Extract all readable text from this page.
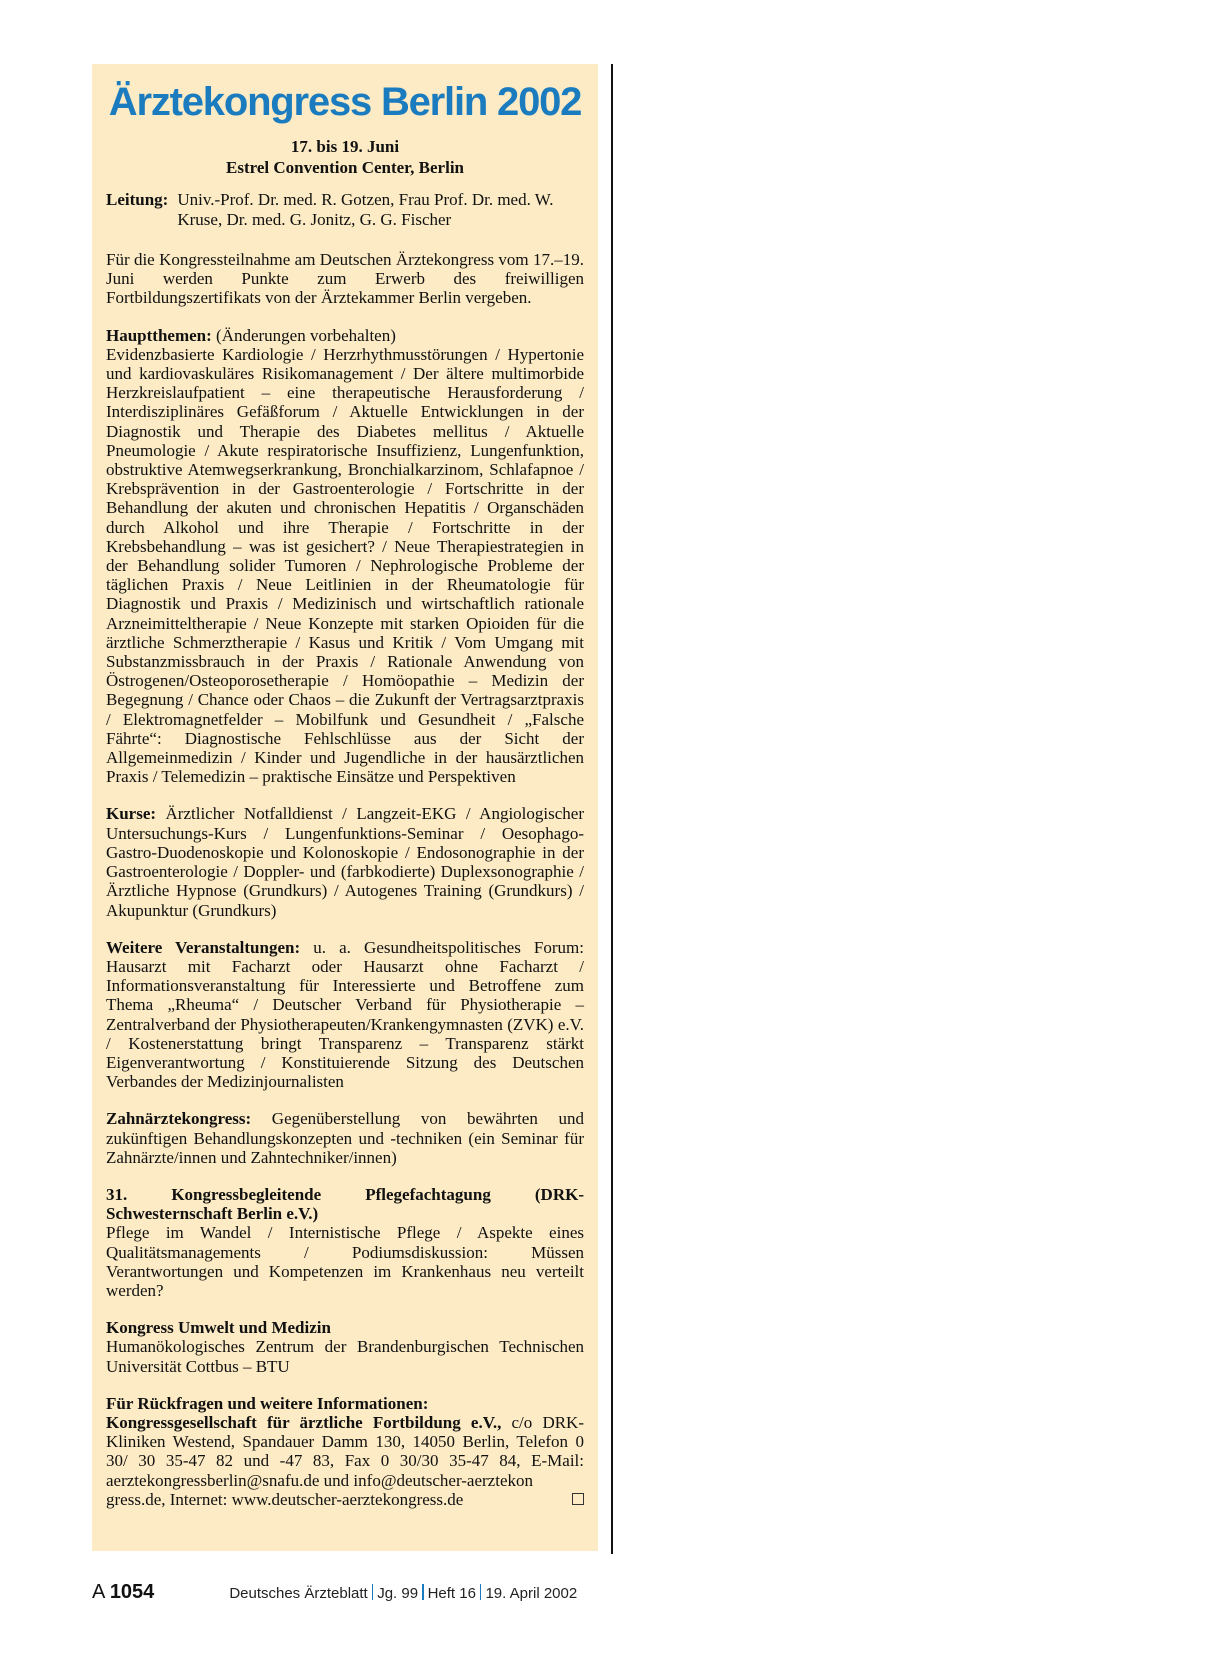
Ärztekongress Berlin 2002
17. bis 19. Juni
Estrel Convention Center, Berlin
Leitung: Univ.-Prof. Dr. med. R. Gotzen, Frau Prof. Dr. med. W. Kruse, Dr. med. G. Jonitz, G. G. Fischer

Für die Kongressteilnahme am Deutschen Ärztekongress vom 17.–19. Juni werden Punkte zum Erwerb des freiwilligen Fortbildungszertifikats von der Ärztekammer Berlin vergeben.

Hauptthemen: (Änderungen vorbehalten)
Evidenzbasierte Kardiologie / Herzrhythmusstörungen / Hypertonie und kardiovaskuläres Risikomanagement / Der ältere multimorbide Herzkreislaufpatient – eine therapeutische Herausforderung / Interdisziplinäres Gefäßforum / Aktuelle Entwicklungen in der Diagnostik und Therapie des Diabetes mellitus / Aktuelle Pneumologie / Akute respiratorische Insuffizienz, Lungenfunktion, obstruktive Atemwegserkrankung, Bronchialkarzinom, Schlafapnoe / Krebsprävention in der Gastroenterologie / Fortschritte in der Behandlung der akuten und chronischen Hepatitis / Organschäden durch Alkohol und ihre Therapie / Fortschritte in der Krebsbehandlung – was ist gesichert? / Neue Therapiestrategien in der Behandlung solider Tumoren / Nephrologische Probleme der täglichen Praxis / Neue Leitlinien in der Rheumatologie für Diagnostik und Praxis / Medizinisch und wirtschaftlich rationale Arzneimitteltherapie / Neue Konzepte mit starken Opioiden für die ärztliche Schmerztherapie / Kasus und Kritik / Vom Umgang mit Substanzmissbrauch in der Praxis / Rationale Anwendung von Östrogenen/Osteoporosetherapie / Homöopathie – Medizin der Begegnung / Chance oder Chaos – die Zukunft der Vertragsarztpraxis / Elektromagnetfelder – Mobilfunk und Gesundheit / „Falsche Fährte“: Diagnostische Fehlschlüsse aus der Sicht der Allgemeinmedizin / Kinder und Jugendliche in der hausärztlichen Praxis / Telemedizin – praktische Einsätze und Perspektiven

Kurse: Ärztlicher Notfalldienst / Langzeit-EKG / Angiologischer Untersuchungs-Kurs / Lungenfunktions-Seminar / Oesophago-Gastro-Duodenoskopie und Kolonoskopie / Endosonographie in der Gastroenterologie / Doppler- und (farbkodierte) Duplexsonographie / Ärztliche Hypnose (Grundkurs) / Autogenes Training (Grundkurs) / Akupunktur (Grundkurs)

Weitere Veranstaltungen: u. a. Gesundheitspolitisches Forum: Hausarzt mit Facharzt oder Hausarzt ohne Facharzt / Informationsveranstaltung für Interessierte und Betroffene zum Thema „Rheuma“ / Deutscher Verband für Physiotherapie – Zentralverband der Physiotherapeuten/Krankengymnasten (ZVK) e.V. / Kostenerstattung bringt Transparenz – Transparenz stärkt Eigenverantwortung / Konstituierende Sitzung des Deutschen Verbandes der Medizinjournalisten

Zahnärztekongress: Gegenüberstellung von bewährten und zukünftigen Behandlungskonzepten und -techniken (ein Seminar für Zahnärzte/innen und Zahntechniker/innen)

31. Kongressbegleitende Pflegefachtagung (DRK-Schwesternschaft Berlin e.V.)
Pflege im Wandel / Internistische Pflege / Aspekte eines Qualitätsmanagements / Podiumsdiskussion: Müssen Verantwortungen und Kompetenzen im Krankenhaus neu verteilt werden?

Kongress Umwelt und Medizin
Humanökologisches Zentrum der Brandenburgischen Technischen Universität Cottbus – BTU

Für Rückfragen und weitere Informationen:
Kongressgesellschaft für ärztliche Fortbildung e.V., c/o DRK-Kliniken Westend, Spandauer Damm 130, 14050 Berlin, Telefon 0 30/ 30 35-47 82 und -47 83, Fax 0 30/30 35-47 84, E-Mail: aerztekongressberlin@snafu.de und info@deutscher-aerztekon
gress.de, Internet: www.deutscher-aerztekongress.de
A 1054	Deutsches Ärzteblatt Jg. 99 Heft 16 19. April 2002
